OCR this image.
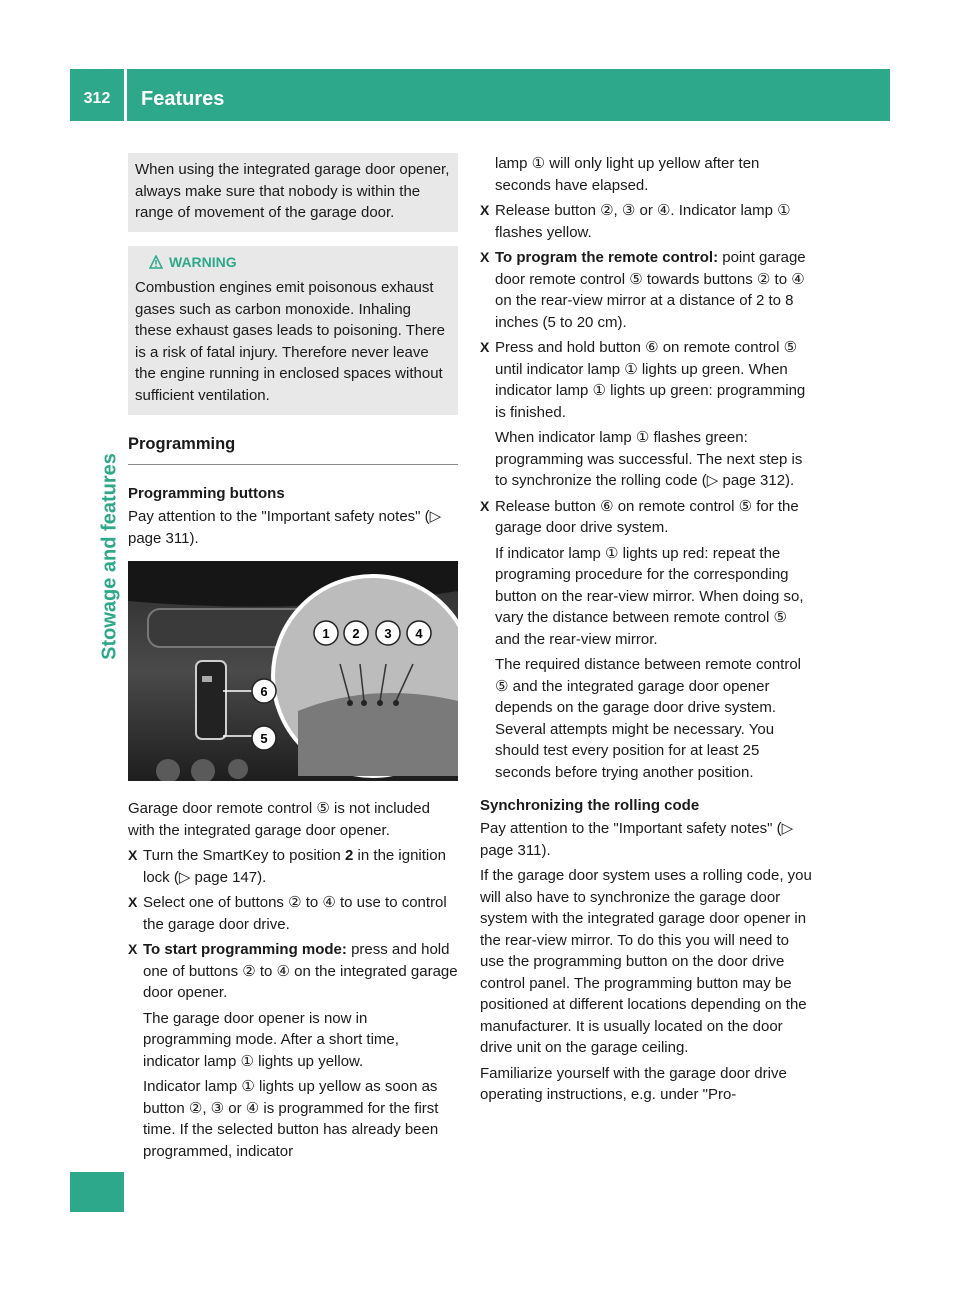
312	Features
Stowage and features

When using the integrated garage door opener, always make sure that nobody is within the range of movement of the garage door.

WARNING

Combustion engines emit poisonous exhaust gases such as carbon monoxide. Inhaling these exhaust gases leads to poisoning. There is a risk of fatal injury. Therefore never leave the engine running in enclosed spaces without sufficient ventilation.

Programming
Programming buttons

Pay attention to the "Important safety notes" (▷ page 311).

1 2 3 4
5
6

Garage door remote control ⑤ is not included with the integrated garage door opener.

X Turn the SmartKey to position 2 in the ignition lock (▷ page 147).
X Select one of buttons ② to ④ to use to control the garage door drive.
X To start programming mode: press and hold one of buttons ② to ④ on the integrated garage door opener.
The garage door opener is now in programming mode. After a short time, indicator lamp ① lights up yellow.
Indicator lamp ① lights up yellow as soon as button ②, ③ or ④ is programmed for the first time. If the selected button has already been programmed, indicator
lamp ① will only light up yellow after ten seconds have elapsed.
X Release button ②, ③ or ④. Indicator lamp ① flashes yellow.
X To program the remote control: point garage door remote control ⑤ towards buttons ② to ④ on the rear-view mirror at a distance of 2 to 8 inches (5 to 20 cm).
X Press and hold button ⑥ on remote control ⑤ until indicator lamp ① lights up green. When indicator lamp ① lights up green: programming is finished.
When indicator lamp ① flashes green: programming was successful. The next step is to synchronize the rolling code (▷ page 312).
X Release button ⑥ on remote control ⑤ for the garage door drive system.
If indicator lamp ① lights up red: repeat the programing procedure for the corresponding button on the rear-view mirror. When doing so, vary the distance between remote control ⑤ and the rear-view mirror.
The required distance between remote control ⑤ and the integrated garage door opener depends on the garage door drive system. Several attempts might be necessary. You should test every position for at least 25 seconds before trying another position.
Synchronizing the rolling code

Pay attention to the "Important safety notes" (▷ page 311).

If the garage door system uses a rolling code, you will also have to synchronize the garage door system with the integrated garage door opener in the rear-view mirror. To do this you will need to use the programming button on the door drive control panel. The programming button may be positioned at different locations depending on the manufacturer. It is usually located on the door drive unit on the garage ceiling.

Familiarize yourself with the garage door drive operating instructions, e.g. under "Pro-
